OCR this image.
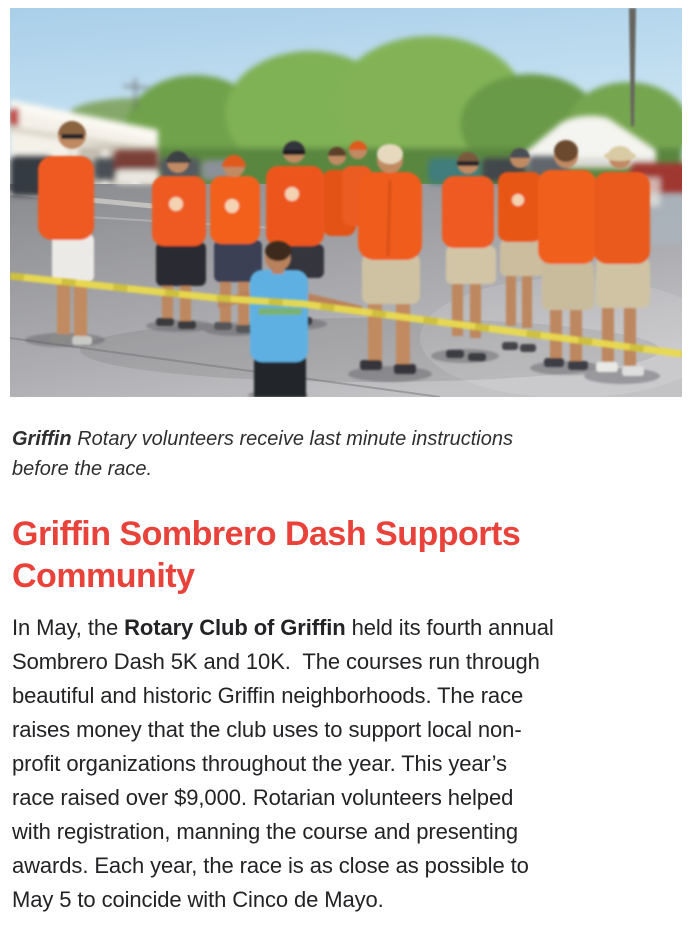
Griffin Rotary volunteers receive last minute instructions
before the race.

Griffin Sombrero Dash Supports Community
In May, the Rotary Club of Griffin held its fourth annual
Sombrero Dash 5K and 10K.  The courses run through
beautiful and historic Griffin neighborhoods. The race
raises money that the club uses to support local non-
profit organizations throughout the year. This year’s
race raised over $9,000. Rotarian volunteers helped
with registration, manning the course and presenting
awards. Each year, the race is as close as possible to
May 5 to coincide with Cinco de Mayo.
